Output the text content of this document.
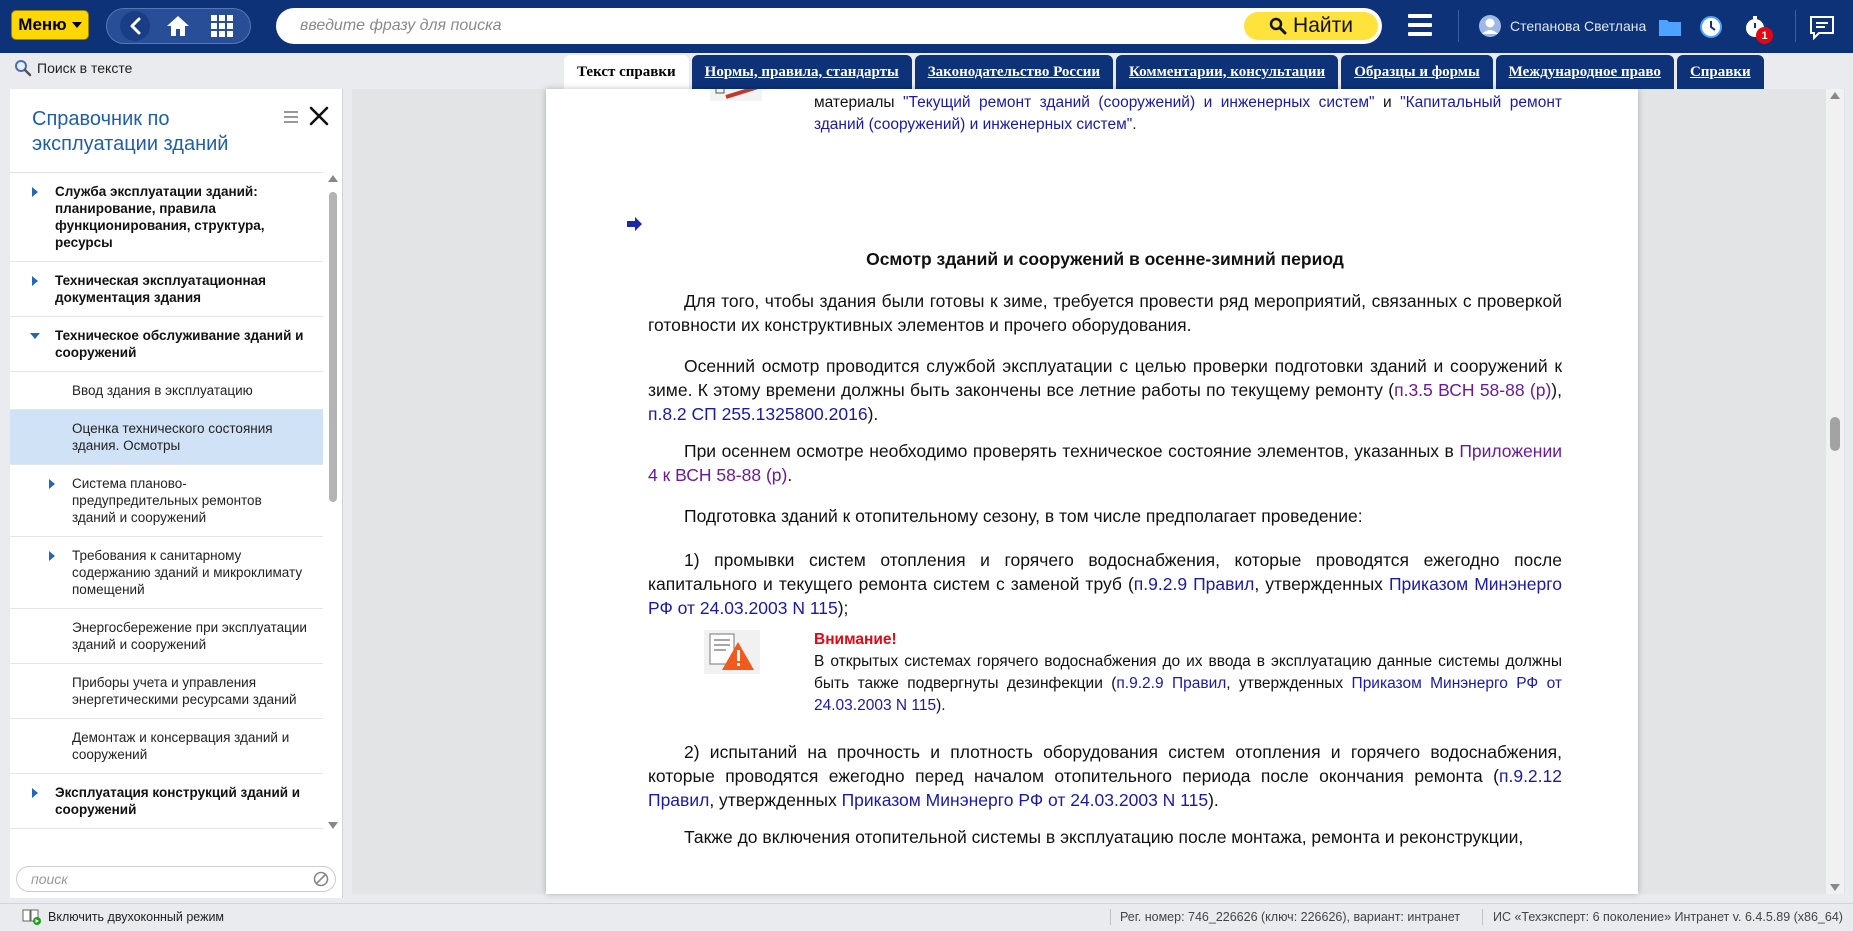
Меню
введите фразу для поиска	Найти	Степанова Светлана
1
Поиск в тексте	Текст справки	Нормы, правила, стандарты	Законодательство России	Комментарии, консультации	Образцы и формы	Международное право	Справки
Справочник по эксплуатации зданий
Служба эксплуатации зданий: планирование, правила функционирования, структура, ресурсы
Техническая эксплуатационная документация здания
Техническое обслуживание зданий и сооружений
Ввод здания в эксплуатацию
Оценка технического состояния здания. Осмотры
Система планово-предупредительных ремонтов зданий и сооружений
Требования к санитарному содержанию зданий и микроклимату помещений
Энергосбережение при эксплуатации зданий и сооружений
Приборы учета и управления энергетическими ресурсами зданий
Демонтаж и консервация зданий и сооружений
Эксплуатация конструкций зданий и сооружений
поиск
материалы "Текущий ремонт зданий (сооружений) и инженерных систем" и "Капитальный ремонт зданий (сооружений) и инженерных систем".
Осмотр зданий и сооружений в осенне-зимний период
Для того, чтобы здания были готовы к зиме, требуется провести ряд мероприятий, связанных с проверкой готовности их конструктивных элементов и прочего оборудования.
Осенний осмотр проводится службой эксплуатации с целью проверки подготовки зданий и сооружений к зиме. К этому времени должны быть закончены все летние работы по текущему ремонту (п.3.5 ВСН 58-88 (р)), п.8.2 СП 255.1325800.2016).
При осеннем осмотре необходимо проверять техническое состояние элементов, указанных в Приложении 4 к ВСН 58-88 (р).
Подготовка зданий к отопительному сезону, в том числе предполагает проведение:
1) промывки систем отопления и горячего водоснабжения, которые проводятся ежегодно после капитального и текущего ремонта систем с заменой труб (п.9.2.9 Правил, утвержденных Приказом Минэнерго РФ от 24.03.2003 N 115);
Внимание!
В открытых системах горячего водоснабжения до их ввода в эксплуатацию данные системы должны быть также подвергнуты дезинфекции (п.9.2.9 Правил, утвержденных Приказом Минэнерго РФ от 24.03.2003 N 115).
2) испытаний на прочность и плотность оборудования систем отопления и горячего водоснабжения, которые проводятся ежегодно перед началом отопительного периода после окончания ремонта (п.9.2.12 Правил, утвержденных Приказом Минэнерго РФ от 24.03.2003 N 115).
Также до включения отопительной системы в эксплуатацию после монтажа, ремонта и реконструкции,
Включить двухоконный режим	Рег. номер: 746_226626 (ключ: 226626), вариант: интранет	ИС «Техэксперт: 6 поколение» Интранет v. 6.4.5.89 (x86_64)
